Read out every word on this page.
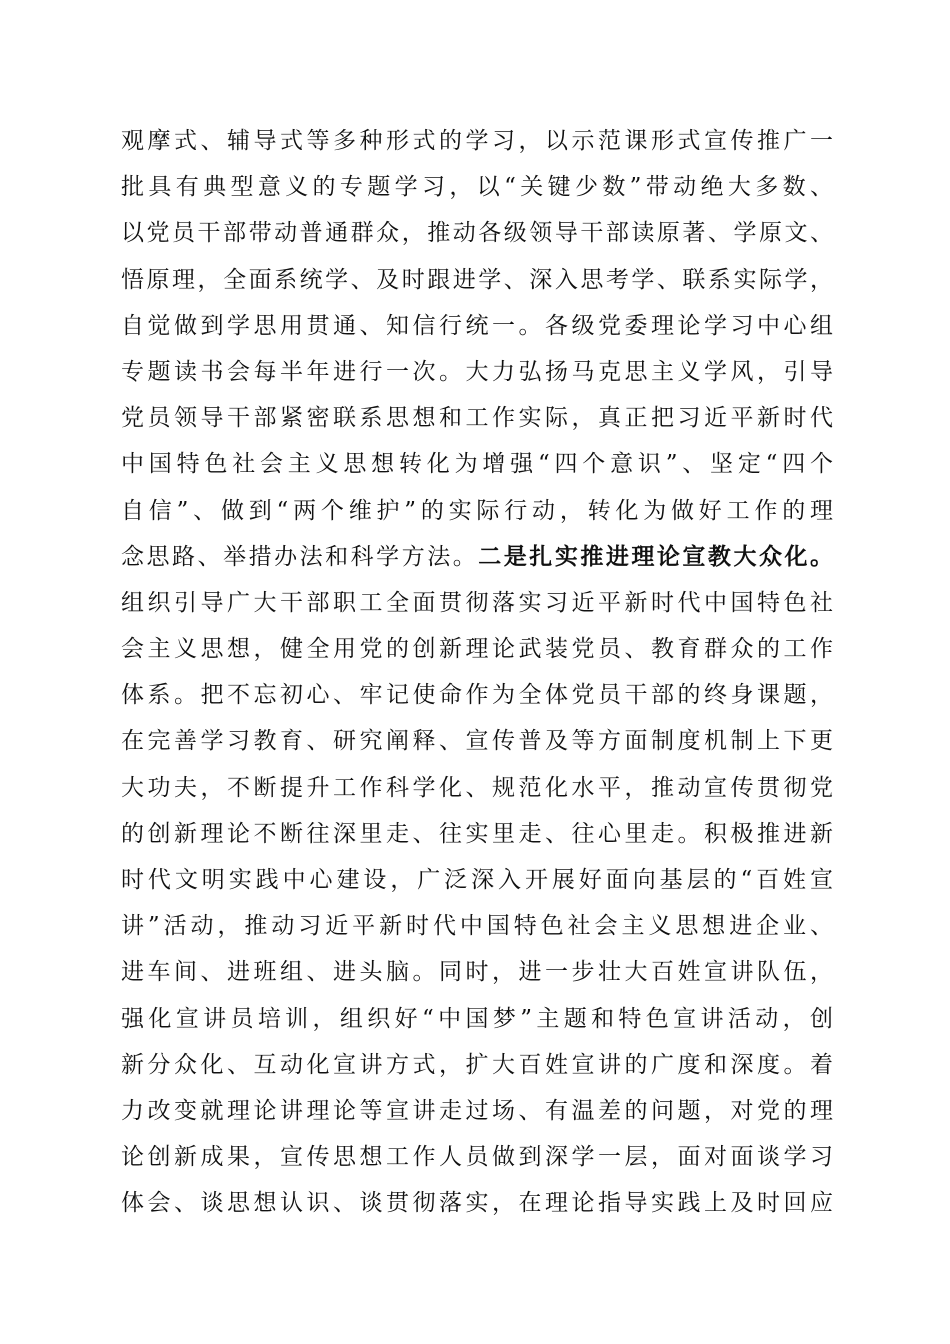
观摩式、辅导式等多种形式的学习，以示范课形式宣传推广一
批具有典型意义的专题学习，以“关键少数”带动绝大多数、
以党员干部带动普通群众，推动各级领导干部读原著、学原文、
悟原理，全面系统学、及时跟进学、深入思考学、联系实际学，
自觉做到学思用贯通、知信行统一。各级党委理论学习中心组
专题读书会每半年进行一次。大力弘扬马克思主义学风，引导
党员领导干部紧密联系思想和工作实际，真正把习近平新时代
中国特色社会主义思想转化为增强“四个意识”、坚定“四个
自信”、做到“两个维护”的实际行动，转化为做好工作的理
念思路、举措办法和科学方法。二是扎实推进理论宣教大众化。
组织引导广大干部职工全面贯彻落实习近平新时代中国特色社
会主义思想，健全用党的创新理论武装党员、教育群众的工作
体系。把不忘初心、牢记使命作为全体党员干部的终身课题，
在完善学习教育、研究阐释、宣传普及等方面制度机制上下更
大功夫，不断提升工作科学化、规范化水平，推动宣传贯彻党
的创新理论不断往深里走、往实里走、往心里走。积极推进新
时代文明实践中心建设，广泛深入开展好面向基层的“百姓宣
讲”活动，推动习近平新时代中国特色社会主义思想进企业、
进车间、进班组、进头脑。同时，进一步壮大百姓宣讲队伍，
强化宣讲员培训，组织好“中国梦”主题和特色宣讲活动，创
新分众化、互动化宣讲方式，扩大百姓宣讲的广度和深度。着
力改变就理论讲理论等宣讲走过场、有温差的问题，对党的理
论创新成果，宣传思想工作人员做到深学一层，面对面谈学习
体会、谈思想认识、谈贯彻落实，在理论指导实践上及时回应
